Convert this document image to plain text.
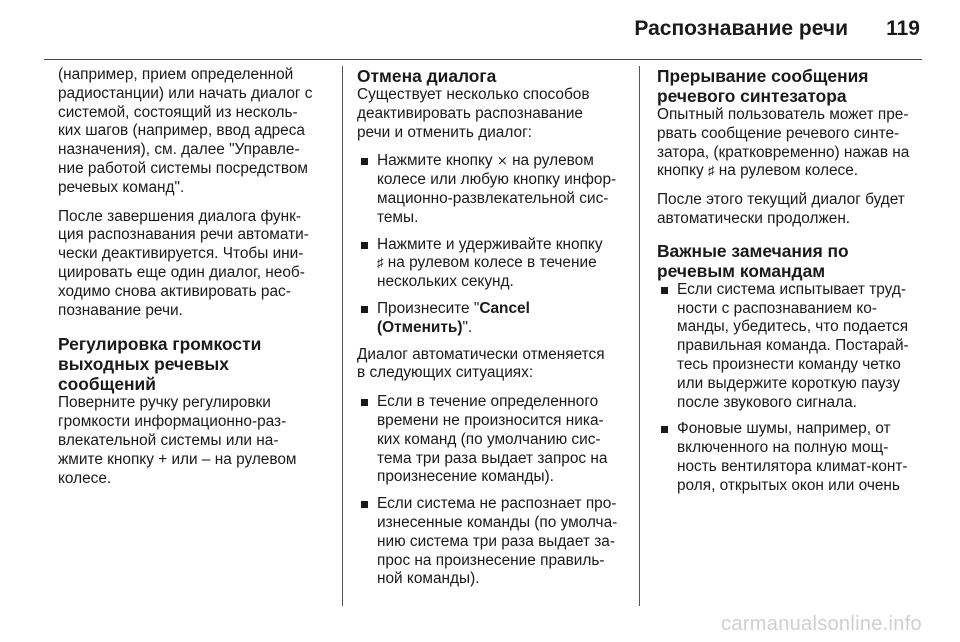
Распознавание речи 119

(например, прием определенной
радиостанции) или начать диалог с
системой, состоящий из несколь-
ких шагов (например, ввод адреса
назначения), см. далее "Управле-
ние работой системы посредством
речевых команд".

После завершения диалога функ-
ция распознавания речи автомати-
чески деактивируется. Чтобы ини-
циировать еще один диалог, необ-
ходимо снова активировать рас-
познавание речи.

Регулировка громкости
выходных речевых
сообщений

Поверните ручку регулировки
громкости информационно-раз-
влекательной системы или на-
жмите кнопку + или – на рулевом
колесе.

Отмена диалога

Существует несколько способов
деактивировать распознавание
речи и отменить диалог:

Нажмите кнопку ⨯ на рулевом
колесе или любую кнопку инфор-
мационно-развлекательной сис-
темы.
Нажмите и удерживайте кнопку
♯ на рулевом колесе в течение
нескольких секунд.
Произнесите "Cancel
(Отменить)".

Диалог автоматически отменяется
в следующих ситуациях:

Если в течение определенного
времени не произносится ника-
ких команд (по умолчанию сис-
тема три раза выдает запрос на
произнесение команды).
Если система не распознает про-
изнесенные команды (по умолча-
нию система три раза выдает за-
прос на произнесение правиль-
ной команды).
Прерывание сообщения
речевого синтезатора

Опытный пользователь может пре-
рвать сообщение речевого синте-
затора, (кратковременно) нажав на
кнопку ♯ на рулевом колесе.

После этого текущий диалог будет
автоматически продолжен.

Важные замечания по
речевым командам
Если система испытывает труд-
ности с распознаванием ко-
манды, убедитесь, что подается
правильная команда. Постарай-
тесь произнести команду четко
или выдержите короткую паузу
после звукового сигнала.
Фоновые шумы, например, от
включенного на полную мощ-
ность вентилятора климат-конт-
роля, открытых окон или очень
carmanualsonline.info
